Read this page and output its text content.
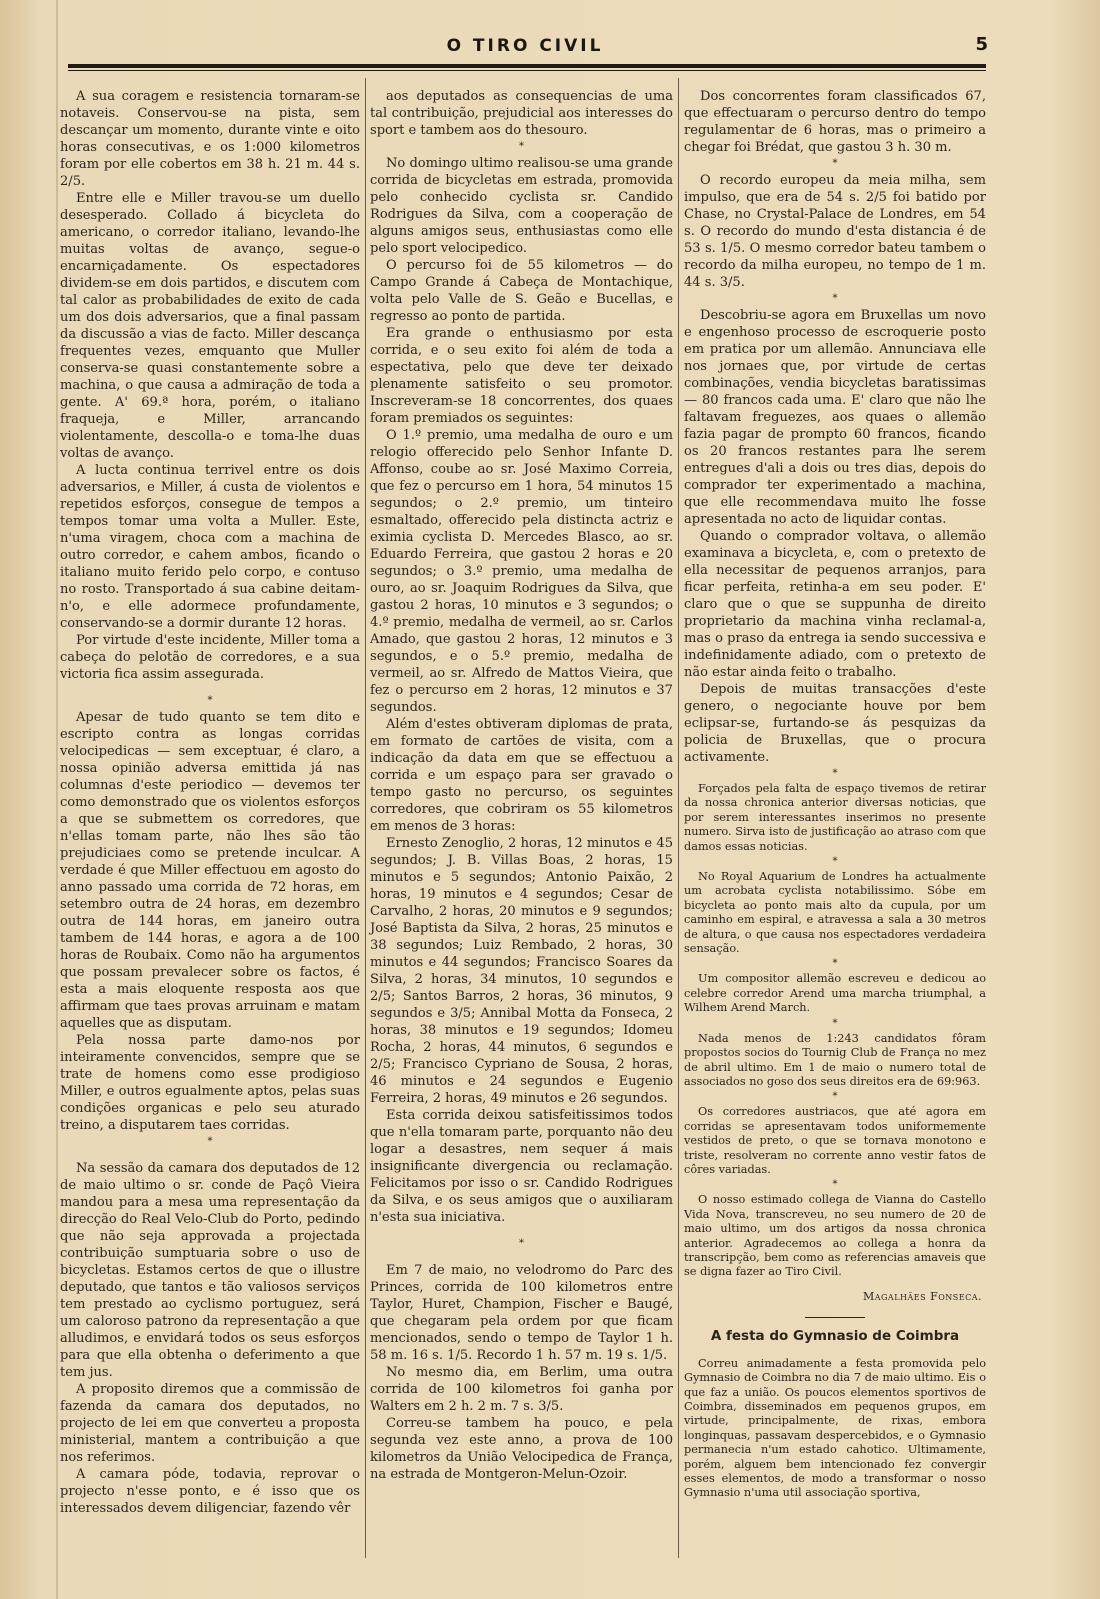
O TIRO CIVIL	5

A sua coragem e resistencia tornaram-se notaveis. Conservou-se na pista, sem descançar um momento, durante vinte e oito horas consecutivas, e os 1:000 kilometros foram por elle cobertos em 38 h. 21 m. 44 s. 2/5.

Entre elle e Miller travou-se um duello desesperado. Collado á bicycleta do americano, o corredor italiano, levando-lhe muitas voltas de avanço, segue-o encarniçadamente. Os espectadores dividem-se em dois partidos, e discutem com tal calor as probabilidades de exito de cada um dos dois adversarios, que a final passam da discussão a vias de facto. Miller descança frequentes vezes, emquanto que Muller conserva-se quasi constantemente sobre a machina, o que causa a admiração de toda a gente. A' 69.ª hora, porém, o italiano fraqueja, e Miller, arrancando violentamente, descolla-o e toma-lhe duas voltas de avanço.

A lucta continua terrivel entre os dois adversarios, e Miller, á custa de violentos e repetidos esforços, consegue de tempos a tempos tomar uma volta a Muller. Este, n'uma viragem, choca com a machina de outro corredor, e cahem ambos, ficando o italiano muito ferido pelo corpo, e contuso no rosto. Transportado á sua cabine deitam-n'o, e elle adormece profundamente, conservando-se a dormir durante 12 horas.

Por virtude d'este incidente, Miller toma a cabeça do pelotão de corredores, e a sua victoria fica assim assegurada.

*

Apesar de tudo quanto se tem dito e escripto contra as longas corridas velocipedicas — sem exceptuar, é claro, a nossa opinião adversa emittida já nas columnas d'este periodico — devemos ter como demonstrado que os violentos esforços a que se submettem os corredores, que n'ellas tomam parte, não lhes são tão prejudiciaes como se pretende inculcar. A verdade é que Miller effectuou em agosto do anno passado uma corrida de 72 horas, em setembro outra de 24 horas, em dezembro outra de 144 horas, em janeiro outra tambem de 144 horas, e agora a de 100 horas de Roubaix. Como não ha argumentos que possam prevalecer sobre os factos, é esta a mais eloquente resposta aos que affirmam que taes provas arruinam e matam aquelles que as disputam.

Pela nossa parte damo-nos por inteiramente convencidos, sempre que se trate de homens como esse prodigioso Miller, e outros egualmente aptos, pelas suas condições organicas e pelo seu aturado treino, a disputarem taes corridas.

*

Na sessão da camara dos deputados de 12 de maio ultimo o sr. conde de Paçô Vieira mandou para a mesa uma representação da direcção do Real Velo-Club do Porto, pedindo que não seja approvada a projectada contribuição sumptuaria sobre o uso de bicycletas. Estamos certos de que o illustre deputado, que tantos e tão valiosos serviços tem prestado ao cyclismo portuguez, será um caloroso patrono da representação a que alludimos, e envidará todos os seus esforços para que ella obtenha o deferimento a que tem jus.

A proposito diremos que a commissão de fazenda da camara dos deputados, no projecto de lei em que converteu a proposta ministerial, mantem a contribuição a que nos referimos.

A camara póde, todavia, reprovar o projecto n'esse ponto, e é isso que os interessados devem diligenciar, fazendo vêr

aos deputados as consequencias de uma tal contribuição, prejudicial aos interesses do sport e tambem aos do thesouro.

*

No domingo ultimo realisou-se uma grande corrida de bicycletas em estrada, promovida pelo conhecido cyclista sr. Candido Rodrigues da Silva, com a cooperação de alguns amigos seus, enthusiastas como elle pelo sport velocipedico.

O percurso foi de 55 kilometros — do Campo Grande á Cabeça de Montachique, volta pelo Valle de S. Geão e Bucellas, e regresso ao ponto de partida.

Era grande o enthusiasmo por esta corrida, e o seu exito foi além de toda a espectativa, pelo que deve ter deixado plenamente satisfeito o seu promotor. Inscreveram-se 18 concorrentes, dos quaes foram premiados os seguintes:

O 1.º premio, uma medalha de ouro e um relogio offerecido pelo Senhor Infante D. Affonso, coube ao sr. José Maximo Correia, que fez o percurso em 1 hora, 54 minutos 15 segundos; o 2.º premio, um tinteiro esmaltado, offerecido pela distincta actriz e eximia cyclista D. Mercedes Blasco, ao sr. Eduardo Ferreira, que gastou 2 horas e 20 segundos; o 3.º premio, uma medalha de ouro, ao sr. Joaquim Rodrigues da Silva, que gastou 2 horas, 10 minutos e 3 segundos; o 4.º premio, medalha de vermeil, ao sr. Carlos Amado, que gastou 2 horas, 12 minutos e 3 segundos, e o 5.º premio, medalha de vermeil, ao sr. Alfredo de Mattos Vieira, que fez o percurso em 2 horas, 12 minutos e 37 segundos.

Além d'estes obtiveram diplomas de prata, em formato de cartões de visita, com a indicação da data em que se effectuou a corrida e um espaço para ser gravado o tempo gasto no percurso, os seguintes corredores, que cobriram os 55 kilometros em menos de 3 horas:

Ernesto Zenoglio, 2 horas, 12 minutos e 45 segundos; J. B. Villas Boas, 2 horas, 15 minutos e 5 segundos; Antonio Paixão, 2 horas, 19 minutos e 4 segundos; Cesar de Carvalho, 2 horas, 20 minutos e 9 segundos; José Baptista da Silva, 2 horas, 25 minutos e 38 segundos; Luiz Rembado, 2 horas, 30 minutos e 44 segundos; Francisco Soares da Silva, 2 horas, 34 minutos, 10 segundos e 2/5; Santos Barros, 2 horas, 36 minutos, 9 segundos e 3/5; Annibal Motta da Fonseca, 2 horas, 38 minutos e 19 segundos; Idomeu Rocha, 2 horas, 44 minutos, 6 segundos e 2/5; Francisco Cypriano de Sousa, 2 horas, 46 minutos e 24 segundos e Eugenio Ferreira, 2 horas, 49 minutos e 26 segundos.

Esta corrida deixou satisfeitissimos todos que n'ella tomaram parte, porquanto não deu logar a desastres, nem sequer á mais insignificante divergencia ou reclamação. Felicitamos por isso o sr. Candido Rodrigues da Silva, e os seus amigos que o auxiliaram n'esta sua iniciativa.

*

Em 7 de maio, no velodromo do Parc des Princes, corrida de 100 kilometros entre Taylor, Huret, Champion, Fischer e Baugé, que chegaram pela ordem por que ficam mencionados, sendo o tempo de Taylor 1 h. 58 m. 16 s. 1/5. Recordo 1 h. 57 m. 19 s. 1/5.

No mesmo dia, em Berlim, uma outra corrida de 100 kilometros foi ganha por Walters em 2 h. 2 m. 7 s. 3/5.

Correu-se tambem ha pouco, e pela segunda vez este anno, a prova de 100 kilometros da União Velocipedica de França, na estrada de Montgeron-Melun-Ozoir.

Dos concorrentes foram classificados 67, que effectuaram o percurso dentro do tempo regulamentar de 6 horas, mas o primeiro a chegar foi Brédat, que gastou 3 h. 30 m.

*

O recordo europeu da meia milha, sem impulso, que era de 54 s. 2/5 foi batido por Chase, no Crystal-Palace de Londres, em 54 s. O recordo do mundo d'esta distancia é de 53 s. 1/5. O mesmo corredor bateu tambem o recordo da milha europeu, no tempo de 1 m. 44 s. 3/5.

*

Descobriu-se agora em Bruxellas um novo e engenhoso processo de escroquerie posto em pratica por um allemão. Annunciava elle nos jornaes que, por virtude de certas combinações, vendia bicycletas baratissimas — 80 francos cada uma. E' claro que não lhe faltavam freguezes, aos quaes o allemão fazia pagar de prompto 60 francos, ficando os 20 francos restantes para lhe serem entregues d'ali a dois ou tres dias, depois do comprador ter experimentado a machina, que elle recommendava muito lhe fosse apresentada no acto de liquidar contas.

Quando o comprador voltava, o allemão examinava a bicycleta, e, com o pretexto de ella necessitar de pequenos arranjos, para ficar perfeita, retinha-a em seu poder. E' claro que o que se suppunha de direito proprietario da machina vinha reclamal-a, mas o praso da entrega ia sendo successiva e indefinidamente adiado, com o pretexto de não estar ainda feito o trabalho.

Depois de muitas transacções d'este genero, o negociante houve por bem eclipsar-se, furtando-se ás pesquizas da policia de Bruxellas, que o procura activamente.

*

Forçados pela falta de espaço tivemos de retirar da nossa chronica anterior diversas noticias, que por serem interessantes inserimos no presente numero. Sirva isto de justificação ao atraso com que damos essas noticias.

*

No Royal Aquarium de Londres ha actualmente um acrobata cyclista notabilissimo. Sóbe em bicycleta ao ponto mais alto da cupula, por um caminho em espiral, e atravessa a sala a 30 metros de altura, o que causa nos espectadores verdadeira sensação.

*

Um compositor allemão escreveu e dedicou ao celebre corredor Arend uma marcha triumphal, a Wilhem Arend March.

*

Nada menos de 1:243 candidatos fôram propostos socios do Tournig Club de França no mez de abril ultimo. Em 1 de maio o numero total de associados no goso dos seus direitos era de 69:963.

*

Os corredores austriacos, que até agora em corridas se apresentavam todos uniformemente vestidos de preto, o que se tornava monotono e triste, resolveram no corrente anno vestir fatos de côres variadas.

*

O nosso estimado collega de Vianna do Castello Vida Nova, transcreveu, no seu numero de 20 de maio ultimo, um dos artigos da nossa chronica anterior. Agradecemos ao collega a honra da transcripção, bem como as referencias amaveis que se digna fazer ao Tiro Civil.

Magalhães Fonseca.
A festa do Gymnasio de Coimbra

Correu animadamente a festa promovida pelo Gymnasio de Coimbra no dia 7 de maio ultimo. Eis o que faz a união. Os poucos elementos sportivos de Coimbra, disseminados em pequenos grupos, em virtude, principalmente, de rixas, embora longinquas, passavam despercebidos, e o Gymnasio permanecia n'um estado cahotico. Ultimamente, porém, alguem bem intencionado fez convergir esses elementos, de modo a transformar o nosso Gymnasio n'uma util associação sportiva,
